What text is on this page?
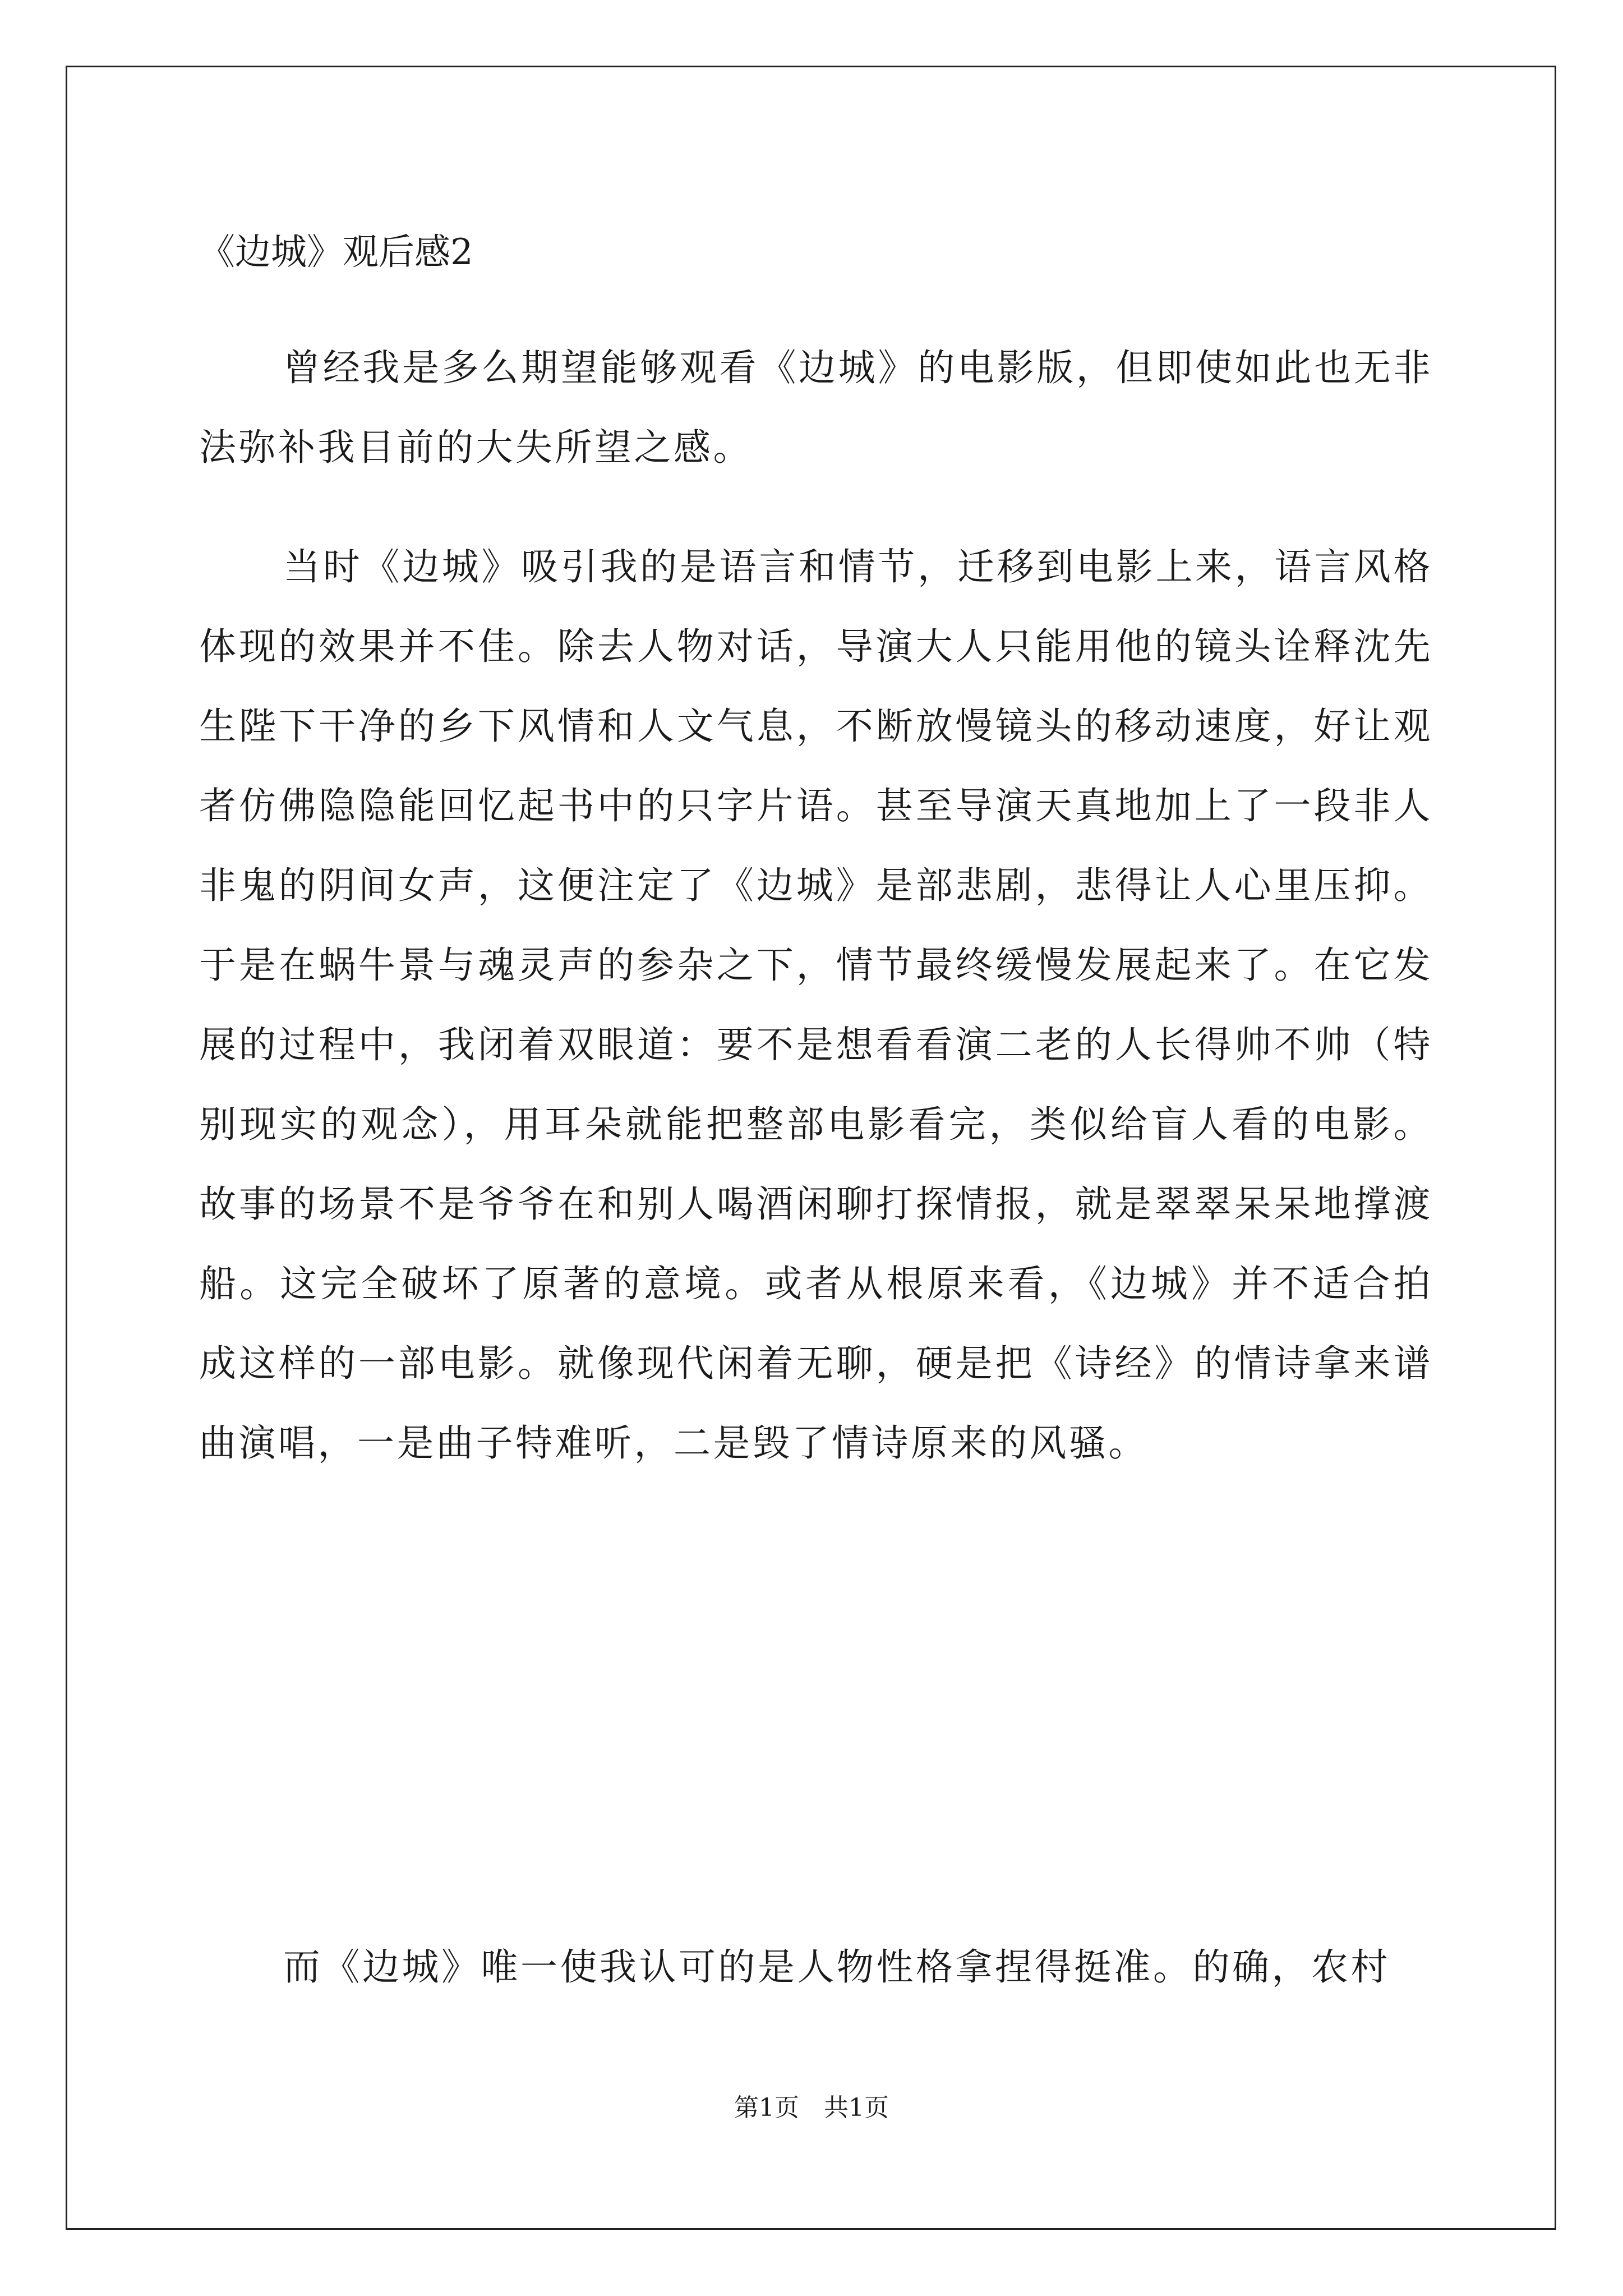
《边城》观后感2

曾经我是多么期望能够观看《边城》的电影版，但即使如此也无非法弥补我目前的大失所望之感。

当时《边城》吸引我的是语言和情节，迁移到电影上来，语言风格体现的效果并不佳。除去人物对话，导演大人只能用他的镜头诠释沈先生陛下干净的乡下风情和人文气息，不断放慢镜头的移动速度，好让观者仿佛隐隐能回忆起书中的只字片语。甚至导演天真地加上了一段非人非鬼的阴间女声，这便注定了《边城》是部悲剧，悲得让人心里压抑。于是在蜗牛景与魂灵声的参杂之下，情节最终缓慢发展起来了。在它发展的过程中，我闭着双眼道：要不是想看看演二老的人长得帅不帅（特别现实的观念），用耳朵就能把整部电影看完，类似给盲人看的电影。故事的场景不是爷爷在和别人喝酒闲聊打探情报，就是翠翠呆呆地撑渡船。这完全破坏了原著的意境。或者从根原来看，《边城》并不适合拍成这样的一部电影。就像现代闲着无聊，硬是把《诗经》的情诗拿来谱曲演唱，一是曲子特难听，二是毁了情诗原来的风骚。

而《边城》唯一使我认可的是人物性格拿捏得挺准。的确，农村

第1页　共1页
